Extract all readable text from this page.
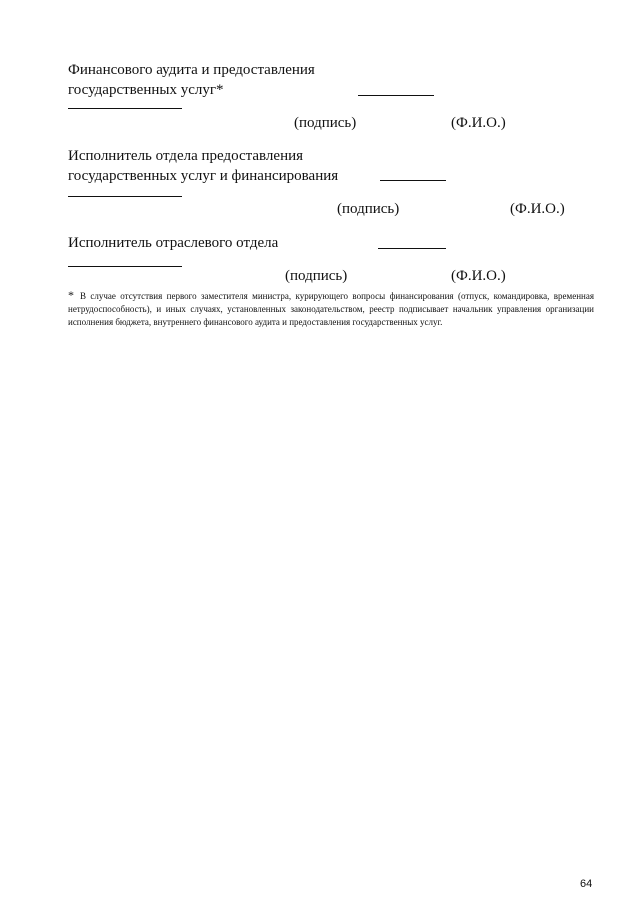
Финансового аудита и предоставления
государственных услуг*
(подпись)	(Ф.И.О.)
Исполнитель отдела предоставления
государственных услуг и финансирования
(подпись)	(Ф.И.О.)
Исполнитель отраслевого отдела
(подпись)	(Ф.И.О.)
* В случае отсутствия первого заместителя министра, курирующего вопросы финансирования (отпуск, командировка, временная нетрудоспособность), и иных случаях, установленных законодательством, реестр подписывает начальник управления организации исполнения бюджета, внутреннего финансового аудита и предоставления государственных услуг.
64
